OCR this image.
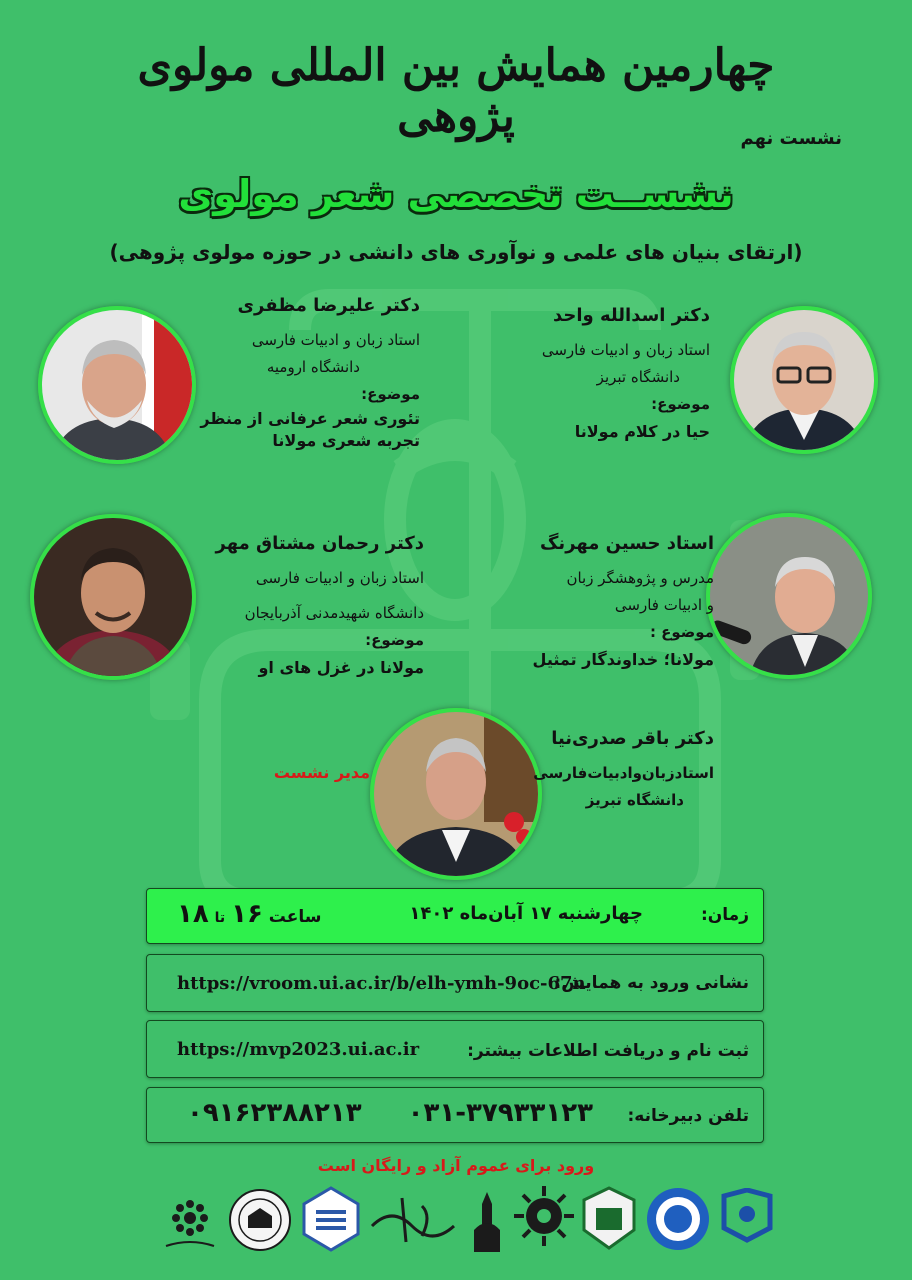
چهارمین همایش بین المللی مولوی پژوهی	نشست نهم
نشســت تخصصی شعر مولوی
(ارتقای بنیان های علمی و نوآوری های دانشی در حوزه مولوی پژوهی)
دکتر اسدالله واحد
استاد زبان و ادبیات فارسی
دانشگاه تبریز
موضوع:
حیا در کلام مولانا
دکتر علیرضا مظفری
استاد زبان و ادبیات فارسی
دانشگاه ارومیه
موضوع:
تئوری شعر عرفانی از منظر تجربه شعری مولانا
استاد حسین مهرنگ
مدرس و پژوهشگر زبان و ادبیات فارسی
موضوع :
مولانا؛ خداوندگار تمثیل
دکتر رحمان مشتاق مهر
استاد زبان و ادبیات فارسی
دانشگاه شهیدمدنی آذربایجان
موضوع:
مولانا در غزل های او
دکتر باقر صدری‌نیا
استادزبان‌وادبیات‌فارسی
دانشگاه تبریز
مدیر نشست
زمان:
چهارشنبه ۱۷ آبان‌ماه ۱۴۰۲
ساعت ۱۶ تا ۱۸
نشانی ورود به همایش:
https://vroom.ui.ac.ir/b/elh-ymh-9oc-67n
ثبت نام و دریافت اطلاعات بیشتر:
https://mvp2023.ui.ac.ir
تلفن دبیرخانه:
۰۳۱-۳۷۹۳۳۱۲۳
۰۹۱۶۲۳۸۸۲۱۳
ورود برای عموم آزاد و رایگان است
